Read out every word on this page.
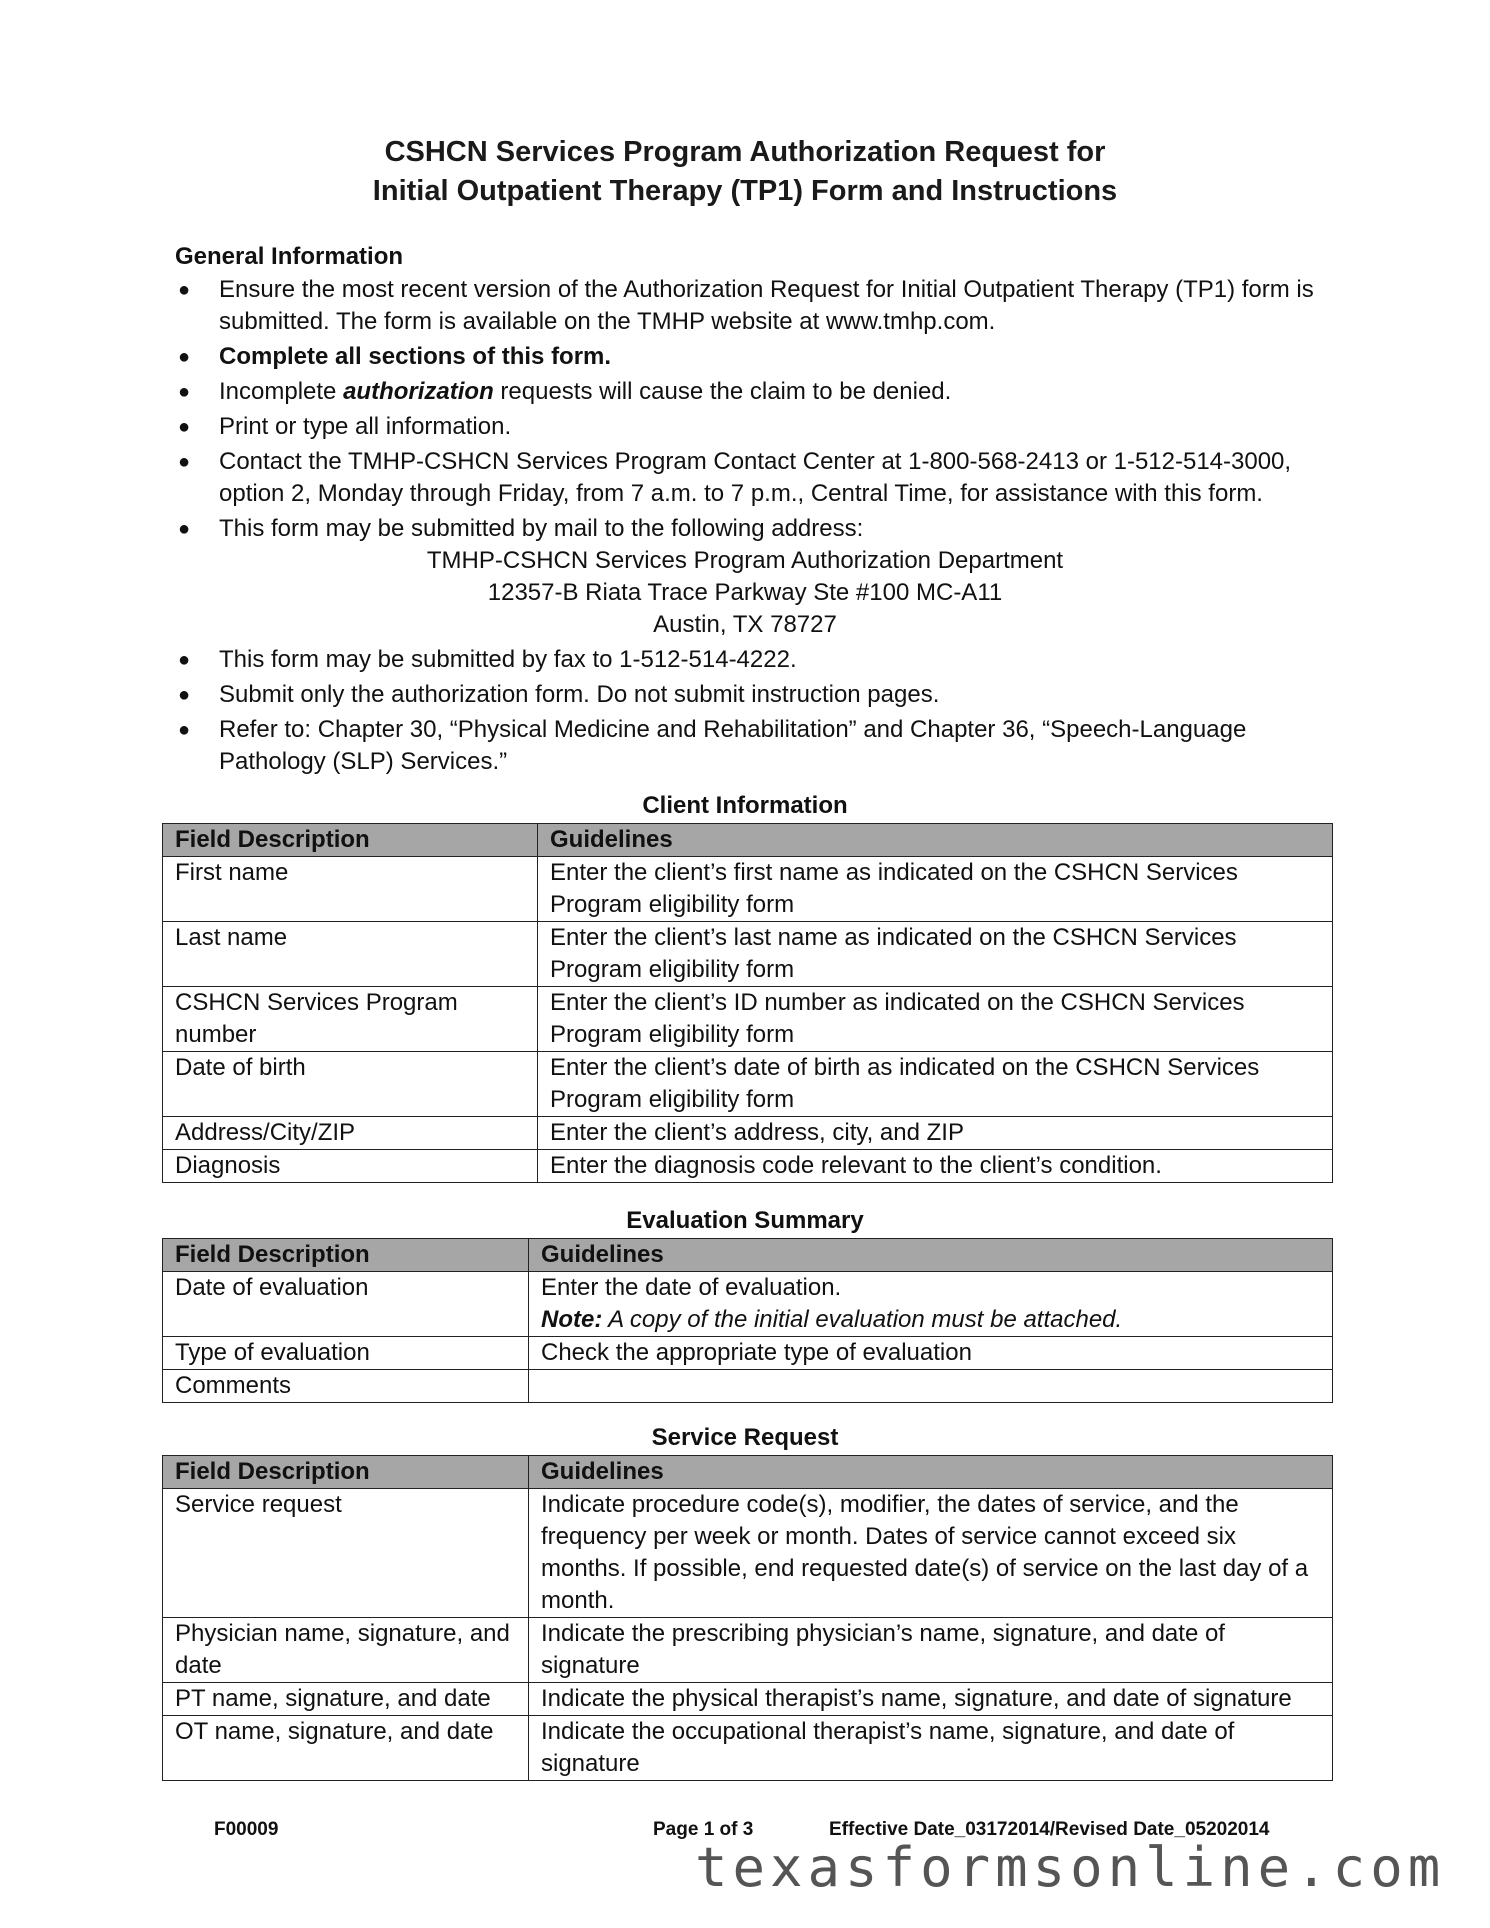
CSHCN Services Program Authorization Request for
Initial Outpatient Therapy (TP1) Form and Instructions
General Information
● Ensure the most recent version of the Authorization Request for Initial Outpatient Therapy (TP1) form is submitted. The form is available on the TMHP website at www.tmhp.com.
● Complete all sections of this form.
● Incomplete authorization requests will cause the claim to be denied.
● Print or type all information.
● Contact the TMHP-CSHCN Services Program Contact Center at 1-800-568-2413 or 1-512-514-3000, option 2, Monday through Friday, from 7 a.m. to 7 p.m., Central Time, for assistance with this form.
● This form may be submitted by mail to the following address:
TMHP-CSHCN Services Program Authorization Department
12357-B Riata Trace Parkway Ste #100 MC-A11
Austin, TX 78727
● This form may be submitted by fax to 1-512-514-4222.
● Submit only the authorization form. Do not submit instruction pages.
● Refer to: Chapter 30, “Physical Medicine and Rehabilitation” and Chapter 36, “Speech-Language Pathology (SLP) Services.”
Client Information
Field Description	Guidelines
First name	Enter the client’s first name as indicated on the CSHCN Services Program eligibility form
Last name	Enter the client’s last name as indicated on the CSHCN Services Program eligibility form
CSHCN Services Program number	Enter the client’s ID number as indicated on the CSHCN Services Program eligibility form
Date of birth	Enter the client’s date of birth as indicated on the CSHCN Services Program eligibility form
Address/City/ZIP	Enter the client’s address, city, and ZIP
Diagnosis	Enter the diagnosis code relevant to the client’s condition.
Evaluation Summary
Field Description	Guidelines
Date of evaluation	Enter the date of evaluation.
Note: A copy of the initial evaluation must be attached.

Type of evaluation	Check the appropriate type of evaluation
Comments	
Service Request
Field Description	Guidelines
Service request	Indicate procedure code(s), modifier, the dates of service, and the frequency per week or month. Dates of service cannot exceed six months. If possible, end requested date(s) of service on the last day of a month.
Physician name, signature, and date	Indicate the prescribing physician’s name, signature, and date of signature
PT name, signature, and date	Indicate the physical therapist’s name, signature, and date of signature
OT name, signature, and date	Indicate the occupational therapist’s name, signature, and date of signature
F00009	Page 1 of 3	Effective Date_03172014/Revised Date_05202014
texasformsonline.com
